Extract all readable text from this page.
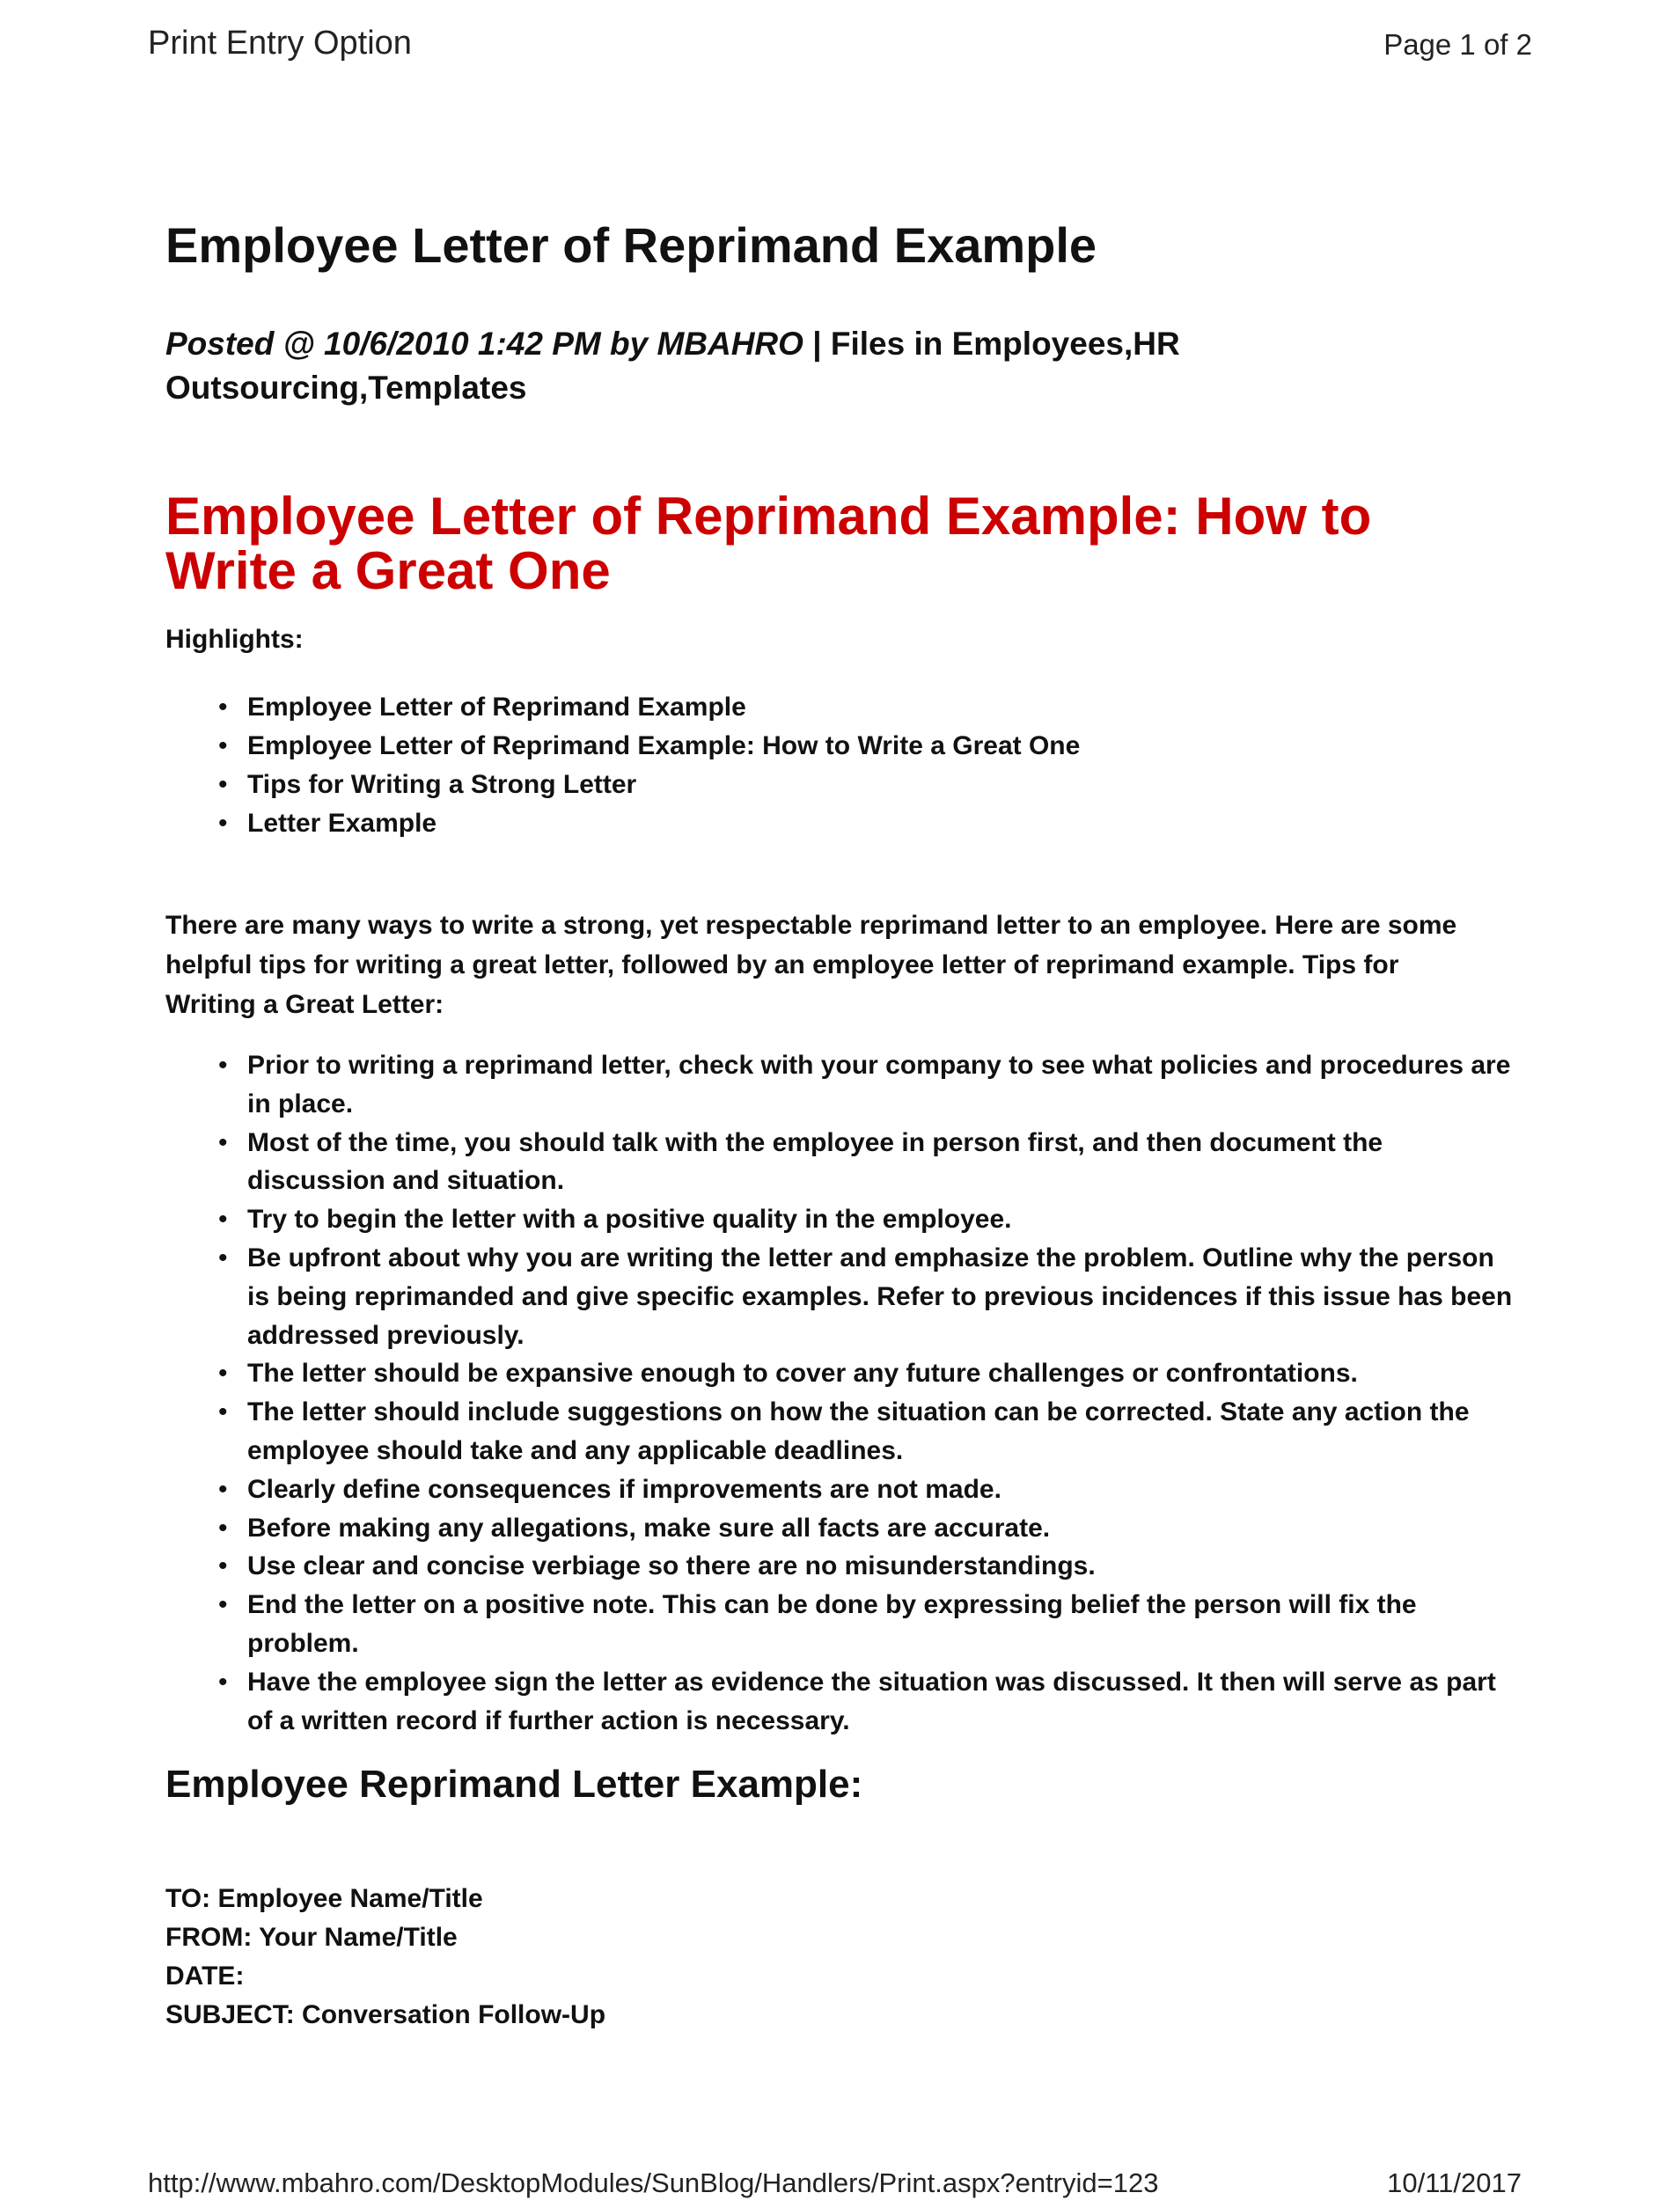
Print Entry Option	Page 1 of 2
Employee Letter of Reprimand Example
Posted @ 10/6/2010 1:42 PM by MBAHRO | Files in Employees,HR Outsourcing,Templates
Employee Letter of Reprimand Example: How to Write a Great One
Highlights:
• Employee Letter of Reprimand Example
• Employee Letter of Reprimand Example: How to Write a Great One
• Tips for Writing a Strong Letter
• Letter Example

There are many ways to write a strong, yet respectable reprimand letter to an employee. Here are some helpful tips for writing a great letter, followed by an employee letter of reprimand example. Tips for Writing a Great Letter:

• Prior to writing a reprimand letter, check with your company to see what policies and procedures are in place.
• Most of the time, you should talk with the employee in person first, and then document the discussion and situation.
• Try to begin the letter with a positive quality in the employee.
• Be upfront about why you are writing the letter and emphasize the problem. Outline why the person is being reprimanded and give specific examples. Refer to previous incidences if this issue has been addressed previously.
• The letter should be expansive enough to cover any future challenges or confrontations.
• The letter should include suggestions on how the situation can be corrected. State any action the employee should take and any applicable deadlines.
• Clearly define consequences if improvements are not made.
• Before making any allegations, make sure all facts are accurate.
• Use clear and concise verbiage so there are no misunderstandings.
• End the letter on a positive note. This can be done by expressing belief the person will fix the problem.
• Have the employee sign the letter as evidence the situation was discussed. It then will serve as part of a written record if further action is necessary.
Employee Reprimand Letter Example:
TO: Employee Name/Title
FROM: Your Name/Title
DATE:
SUBJECT: Conversation Follow-Up
http://www.mbahro.com/DesktopModules/SunBlog/Handlers/Print.aspx?entryid=123	10/11/2017
